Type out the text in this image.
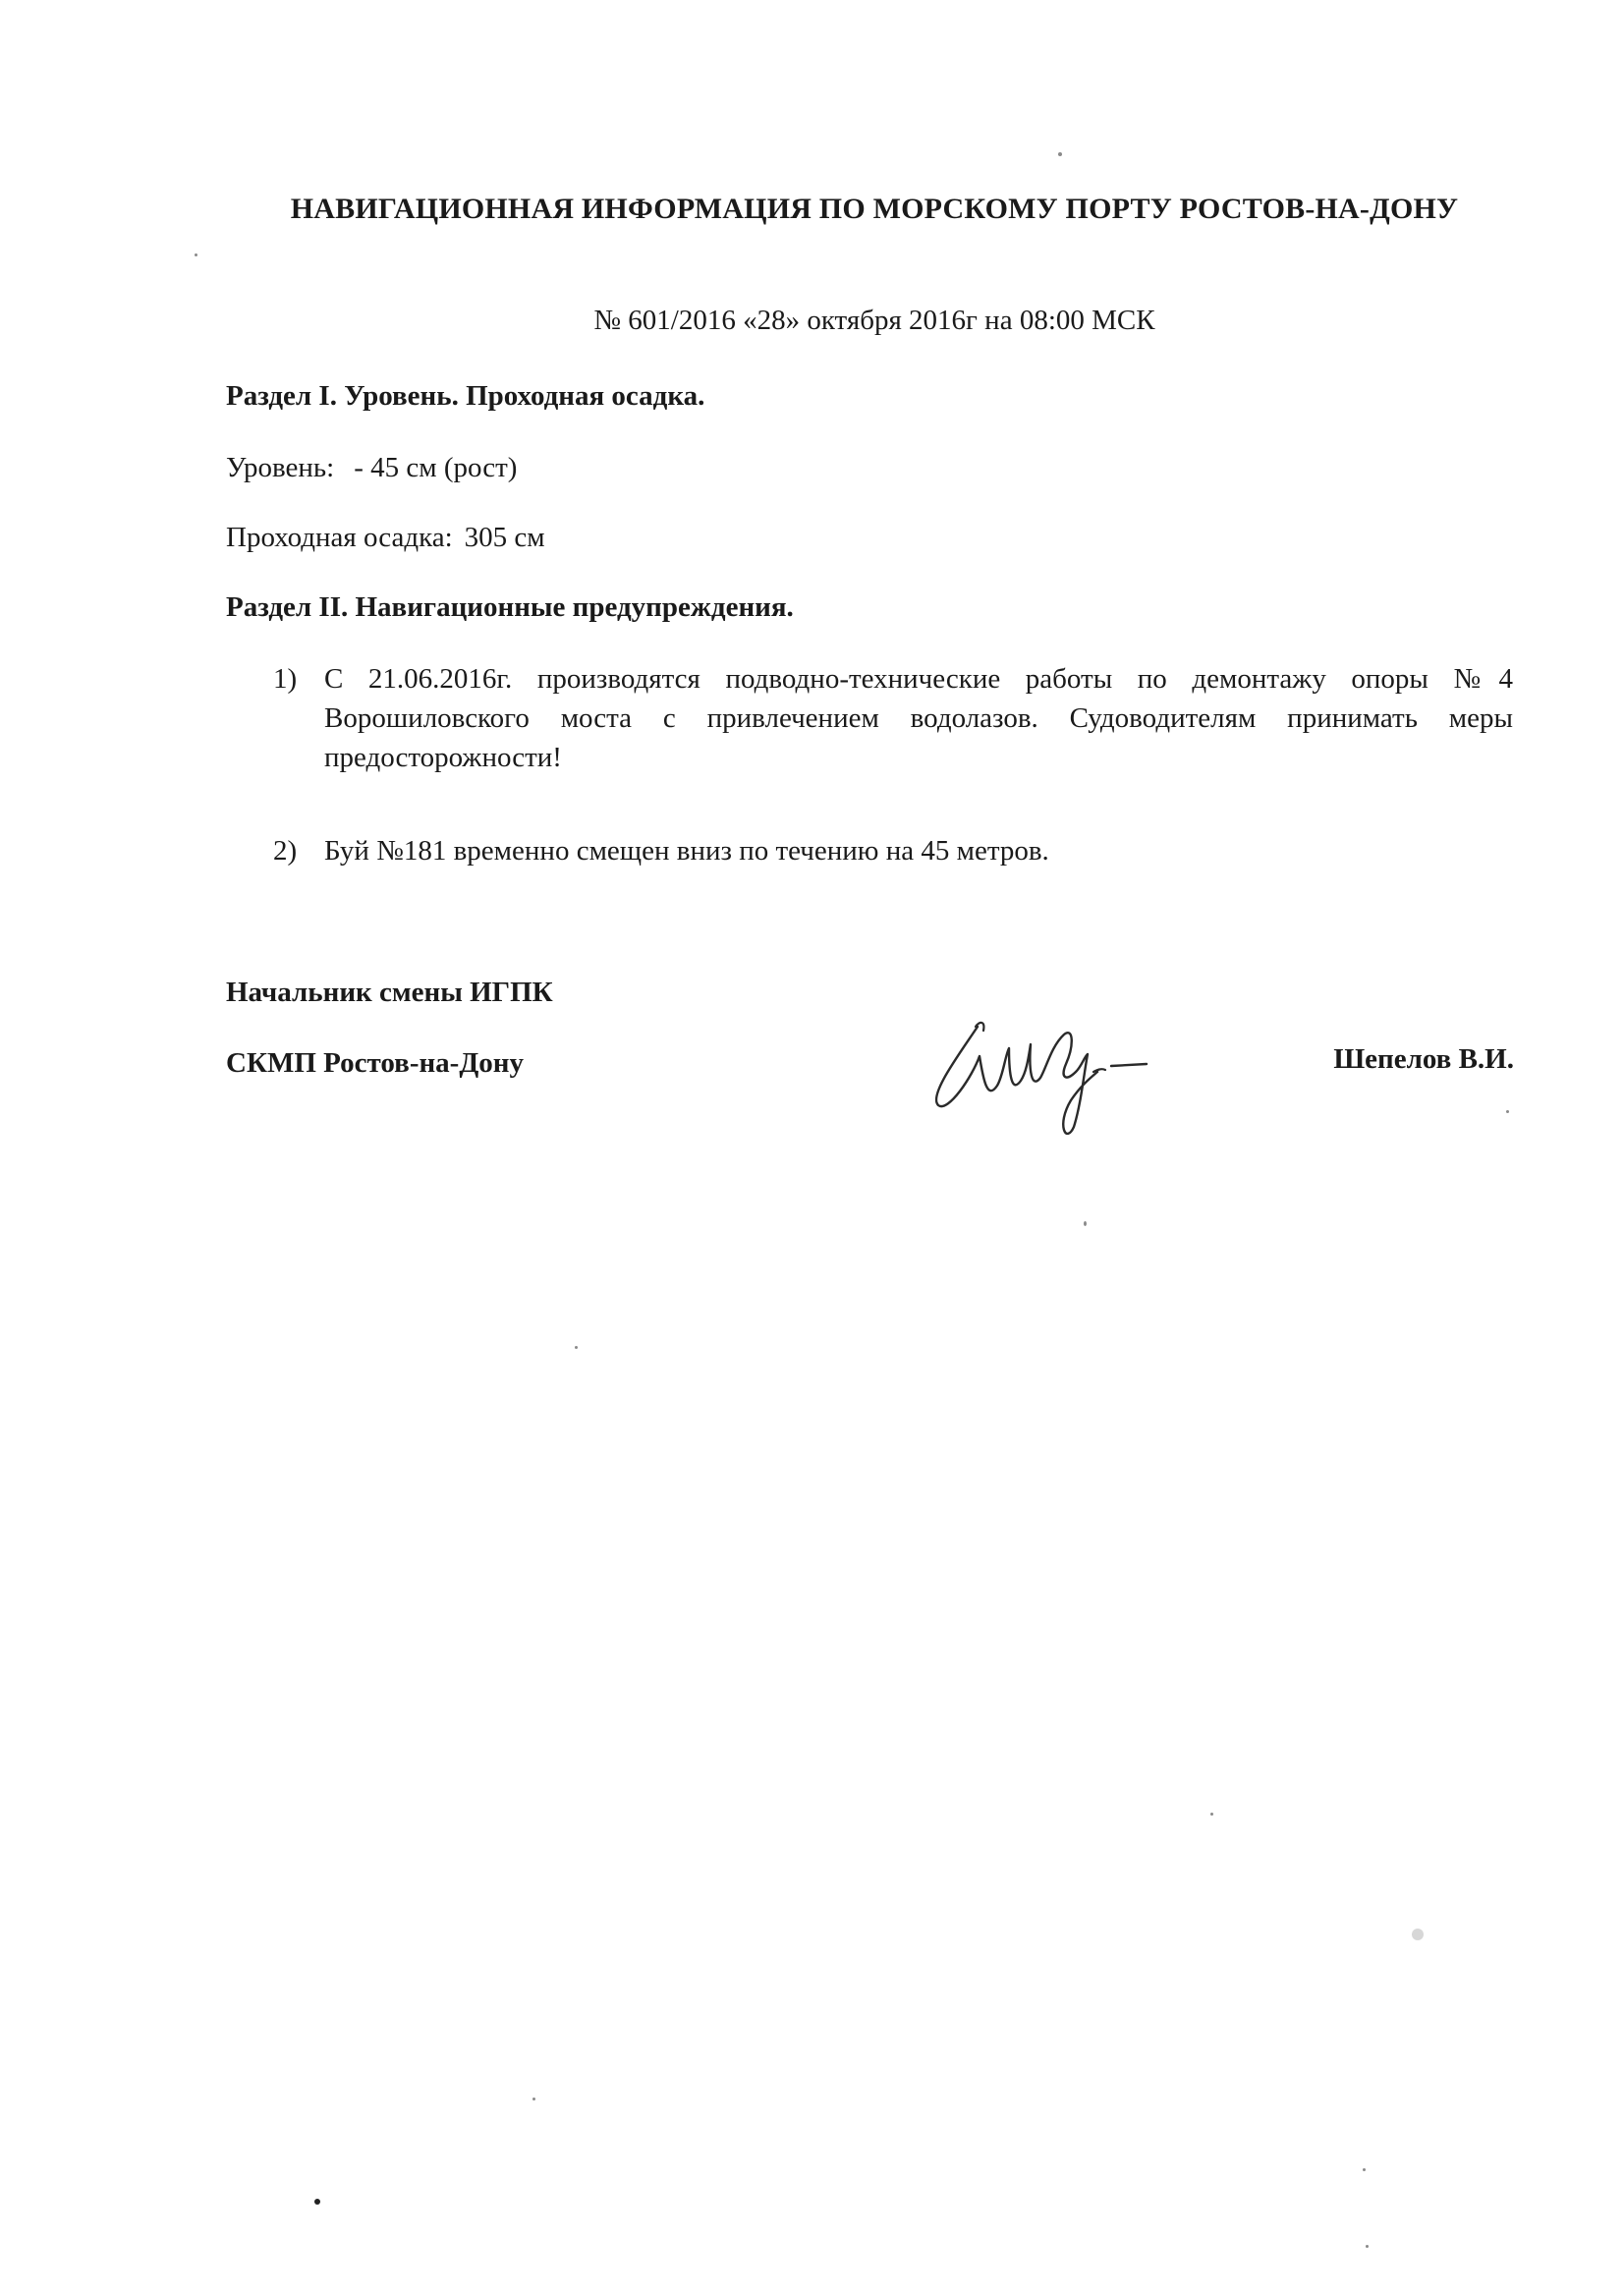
НАВИГАЦИОННАЯ ИНФОРМАЦИЯ ПО МОРСКОМУ ПОРТУ РОСТОВ-НА-ДОНУ
№ 601/2016 «28» октября 2016г на 08:00 МСК
Раздел I. Уровень. Проходная осадка.
Уровень: - 45 см (рост)
Проходная осадка: 305 см
Раздел II. Навигационные предупреждения.
1) С 21.06.2016г. производятся подводно-технические работы по демонтажу опоры №4 Ворошиловского моста с привлечением водолазов. Судоводителям принимать меры предосторожности!
2) Буй №181 временно смещен вниз по течению на 45 метров.
Начальник смены ИГПК
СКМП Ростов-на-Дону	Шепелов В.И.
